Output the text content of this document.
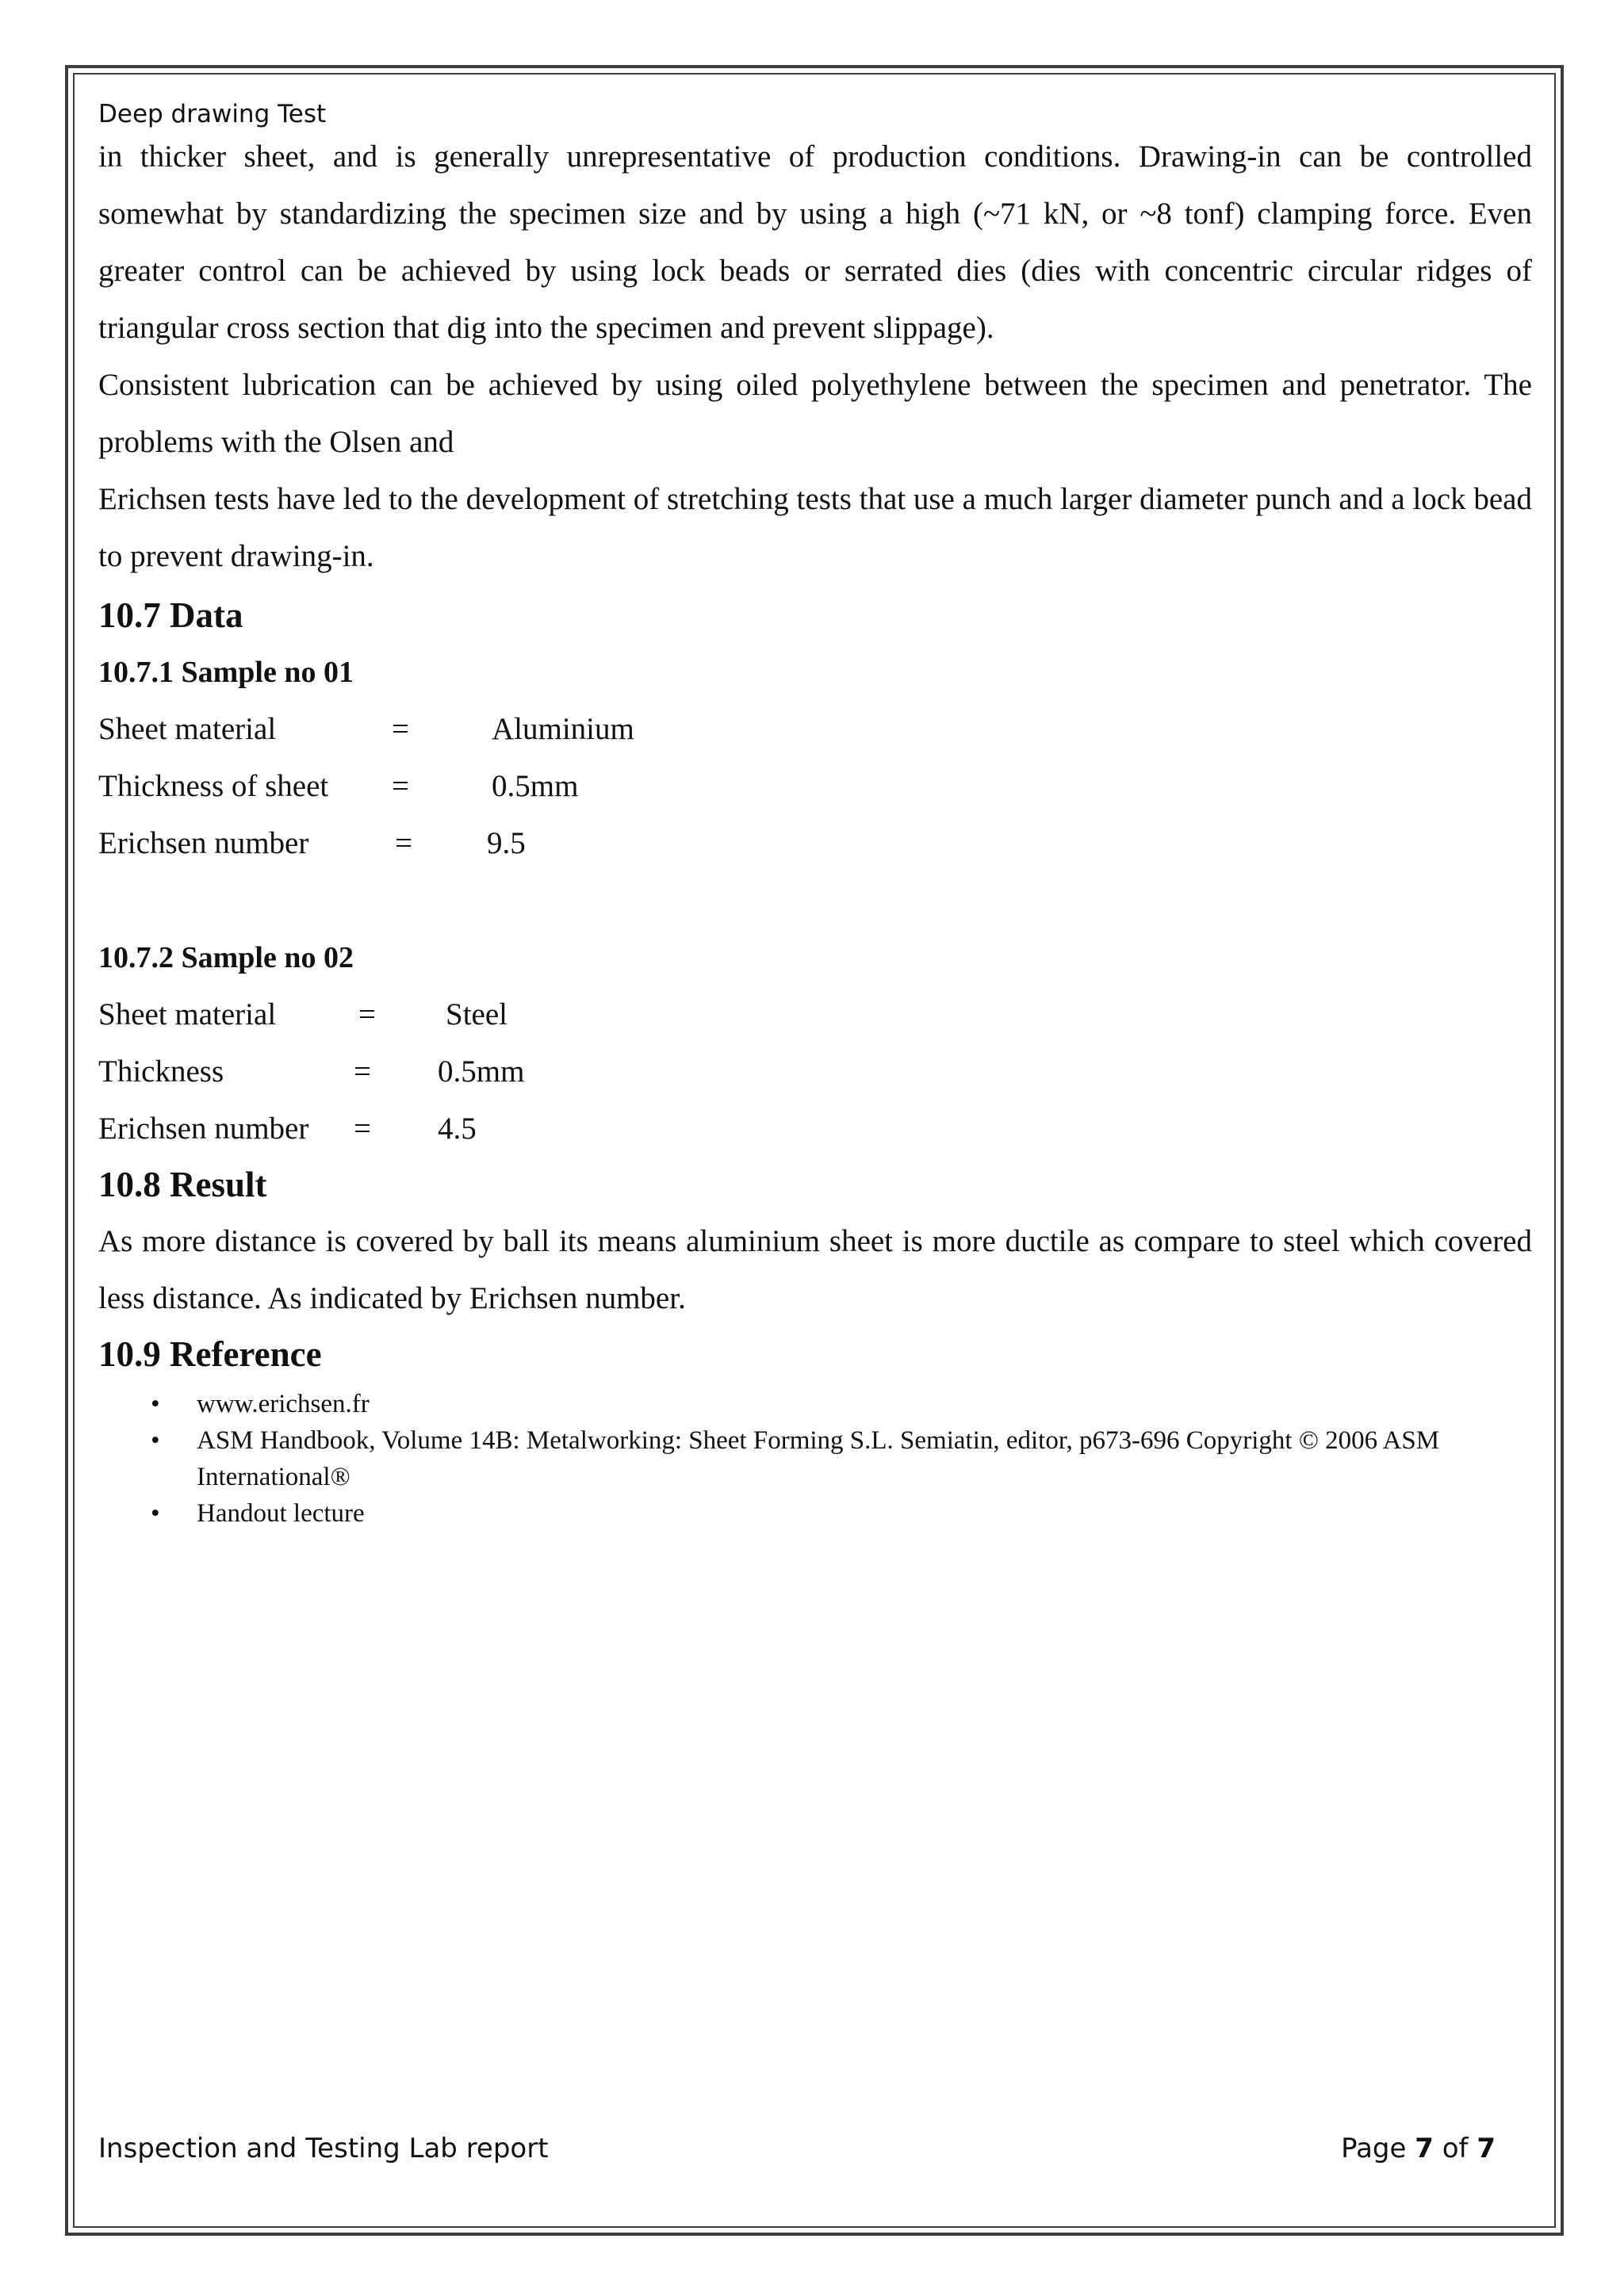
Deep drawing Test

in thicker sheet, and is generally unrepresentative of production conditions. Drawing-in can be controlled somewhat by standardizing the specimen size and by using a high (~71 kN, or ~8 tonf) clamping force. Even greater control can be achieved by using lock beads or serrated dies (dies with concentric circular ridges of triangular cross section that dig into the specimen and prevent slippage).

Consistent lubrication can be achieved by using oiled polyethylene between the specimen and penetrator. The problems with the Olsen and

Erichsen tests have led to the development of stretching tests that use a much larger diameter punch and a lock bead to prevent drawing-in.

10.7 Data
10.7.1 Sample no 01
Sheet material	=	Aluminium
Thickness of sheet =	0.5mm
Erichsen number	= 9.5
10.7.2 Sample no 02
Sheet material	= Steel
Thickness	= 0.5mm
Erichsen number = 4.5
10.8 Result

As more distance is covered by ball its means aluminium sheet is more ductile as compare to steel which covered less distance. As indicated by Erichsen number.

10.9 Reference
• www.erichsen.fr
• ASM Handbook, Volume 14B: Metalworking: Sheet Forming S.L. Semiatin, editor, p673-696 Copyright © 2006 ASM International®
• Handout lecture
Inspection and Testing Lab report	Page 7 of 7
